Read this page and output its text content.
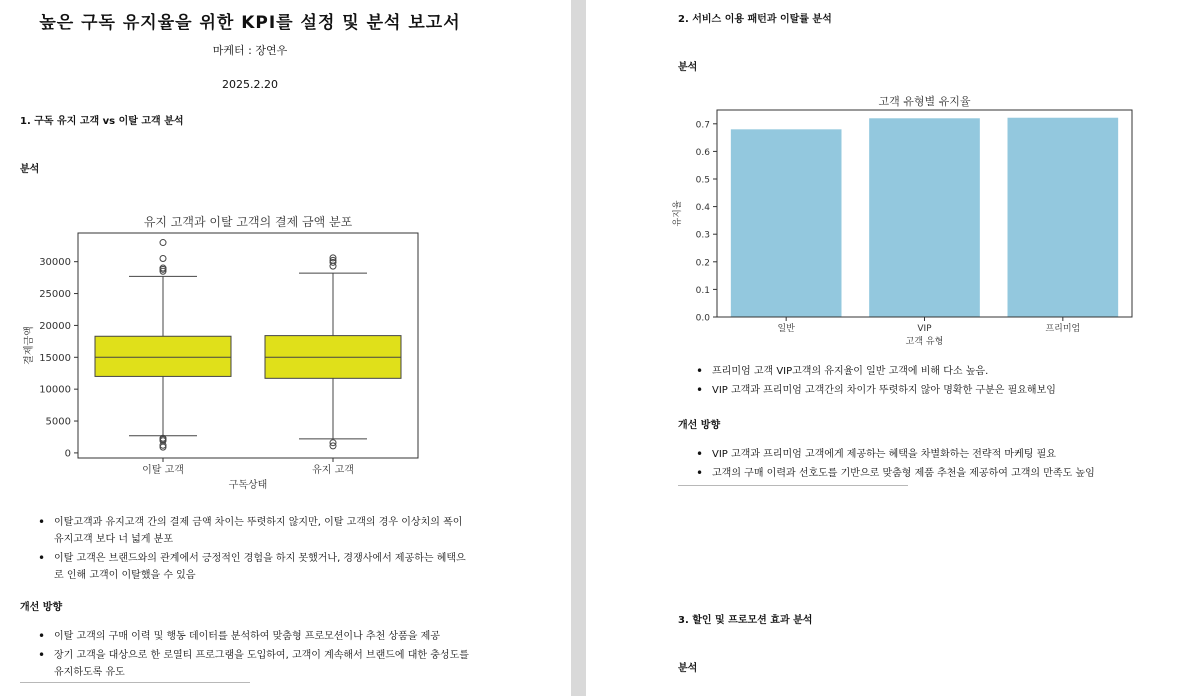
높은 구독 유지율을 위한 KPI를 설정 및 분석 보고서
마케터 : 장연우
2025.2.20
1. 구독 유지 고객 vs 이탈 고객 분석
분석
유지 고객과 이탈 고객의 결제 금액 분포
0
5000
10000
15000
20000
25000
30000
이탈 고객	유지 고객
구독상태
결제금액
• 이탈고객과 유지고객 간의 결제 금액 차이는 뚜렷하지 않지만, 이탈 고객의 경우 이상치의 폭이 유지고객 보다 너 넓게 분포
• 이탈 고객은 브랜드와의 관계에서 긍정적인 경험을 하지 못했거나, 경쟁사에서 제공하는 혜택으로 인해 고객이 이탈했을 수 있음
개선 방향
• 이탈 고객의 구매 이력 및 행동 데이터를 분석하여 맞춤형 프로모션이나 추천 상품을 제공
• 장기 고객을 대상으로 한 로열티 프로그램을 도입하여, 고객이 계속해서 브랜드에 대한 충성도를 유지하도록 유도
2. 서비스 이용 패턴과 이탈률 분석
분석
고객 유형별 유지율
일반	VIP	프리미엄
0.0
0.1
0.2
0.3
0.4
0.5
0.6
0.7
고객 유형
유지율
• 프리미엄 고객 VIP고객의 유지율이 일반 고객에 비해 다소 높음.
• VIP 고객과 프리미엄 고객간의 차이가 뚜렷하지 않아 명확한 구분은 필요해보임
개선 방향
• VIP 고객과 프리미엄 고객에게 제공하는 혜택을 차별화하는 전략적 마케팅 필요
• 고객의 구매 이력과 선호도를 기반으로 맞춤형 제품 추천을 제공하여 고객의 만족도 높임
3. 할인 및 프로모션 효과 분석
분석
